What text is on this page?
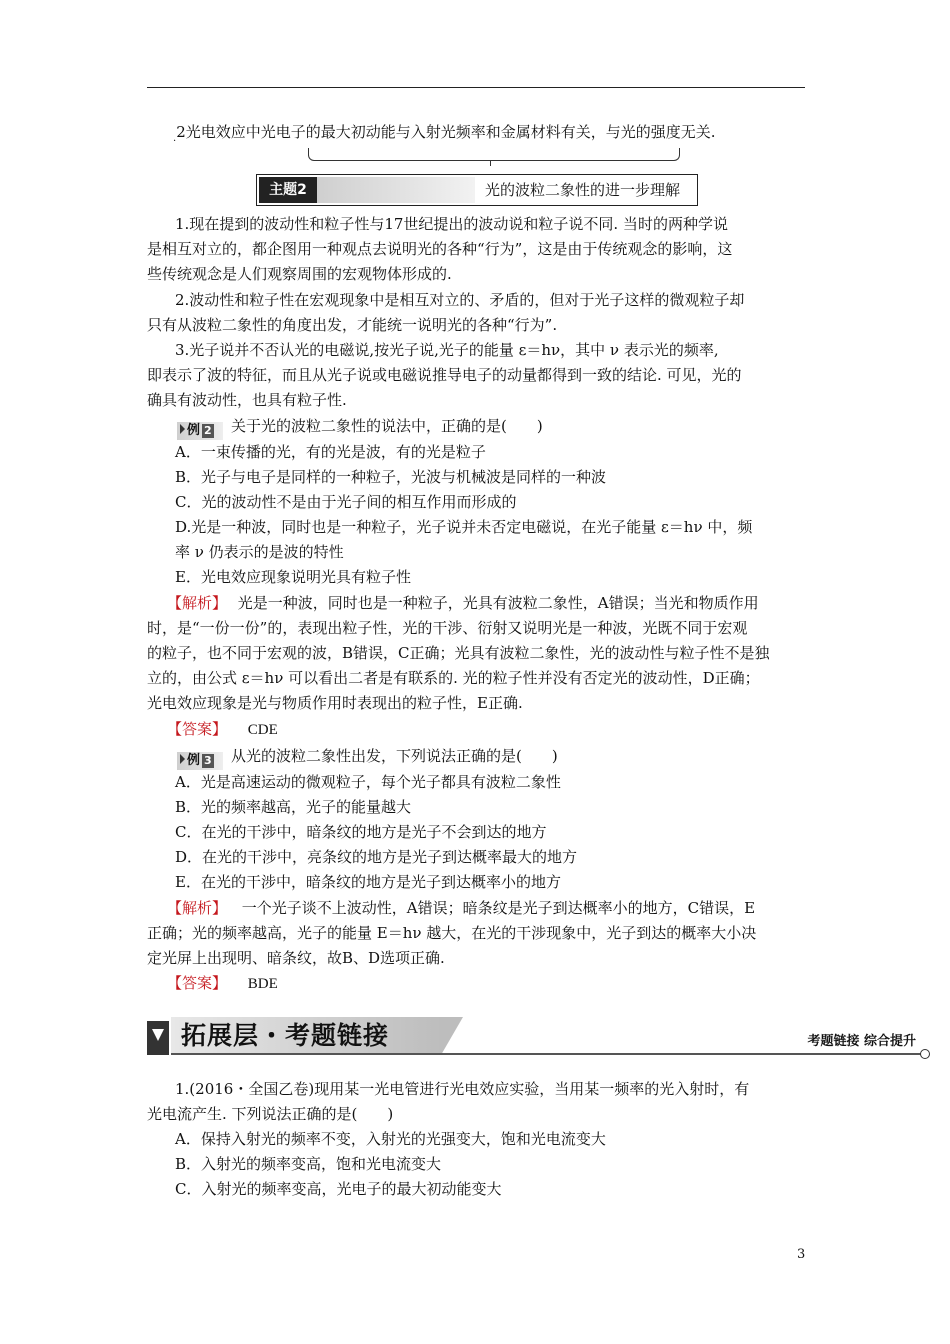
$_.$2光电效应中光电子的最大初动能与入射光频率和金属材料有关，与光的强度无关.
主题2	光的波粒二象性的进一步理解
1.现在提到的波动性和粒子性与17世纪提出的波动说和粒子说不同. 当时的两种学说
是相互对立的，都企图用一种观点去说明光的各种“行为”，这是由于传统观念的影响，这
些传统观念是人们观察周围的宏观物体形成的.
2.波动性和粒子性在宏观现象中是相互对立的、矛盾的，但对于光子这样的微观粒子却
只有从波粒二象性的角度出发，才能统一说明光的各种“行为”.
3.光子说并不否认光的电磁说,按光子说,光子的能量 ε＝hν，其中 ν 表示光的频率,
即表示了波的特征，而且从光子说或电磁说推导电子的动量都得到一致的结论. 可见，光的
确具有波动性，也具有粒子性.
例 2 关于光的波粒二象性的说法中，正确的是(　　)
A．一束传播的光，有的光是波，有的光是粒子
B．光子与电子是同样的一种粒子，光波与机械波是同样的一种波
C．光的波动性不是由于光子间的相互作用而形成的
D.光是一种波，同时也是一种粒子，光子说并未否定电磁说，在光子能量 ε＝hν 中，频
率 ν 仍表示的是波的特性
E．光电效应现象说明光具有粒子性
【解析】 光是一种波，同时也是一种粒子，光具有波粒二象性，A错误；当光和物质作用
时，是“一份一份”的，表现出粒子性，光的干涉、衍射又说明光是一种波，光既不同于宏观
的粒子，也不同于宏观的波，B错误，C正确；光具有波粒二象性，光的波动性与粒子性不是独
立的，由公式 ε＝hν 可以看出二者是有联系的. 光的粒子性并没有否定光的波动性，D正确；
光电效应现象是光与物质作用时表现出的粒子性，E正确.
【答案】 CDE
例 3 从光的波粒二象性出发，下列说法正确的是(　　)
A．光是高速运动的微观粒子，每个光子都具有波粒二象性
B．光的频率越高，光子的能量越大
C．在光的干涉中，暗条纹的地方是光子不会到达的地方
D．在光的干涉中，亮条纹的地方是光子到达概率最大的地方
E．在光的干涉中，暗条纹的地方是光子到达概率小的地方
【解析】 一个光子谈不上波动性，A错误；暗条纹是光子到达概率小的地方，C错误，E
正确；光的频率越高，光子的能量 E＝hν 越大，在光的干涉现象中，光子到达的概率大小决
定光屏上出现明、暗条纹，故B、D选项正确.
【答案】 BDE
拓展层・考题链接	考题链接 综合提升
1.(2016・全国乙卷)现用某一光电管进行光电效应实验，当用某一频率的光入射时，有
光电流产生. 下列说法正确的是(　　)
A．保持入射光的频率不变，入射光的光强变大，饱和光电流变大
B．入射光的频率变高，饱和光电流变大
C．入射光的频率变高，光电子的最大初动能变大
3
